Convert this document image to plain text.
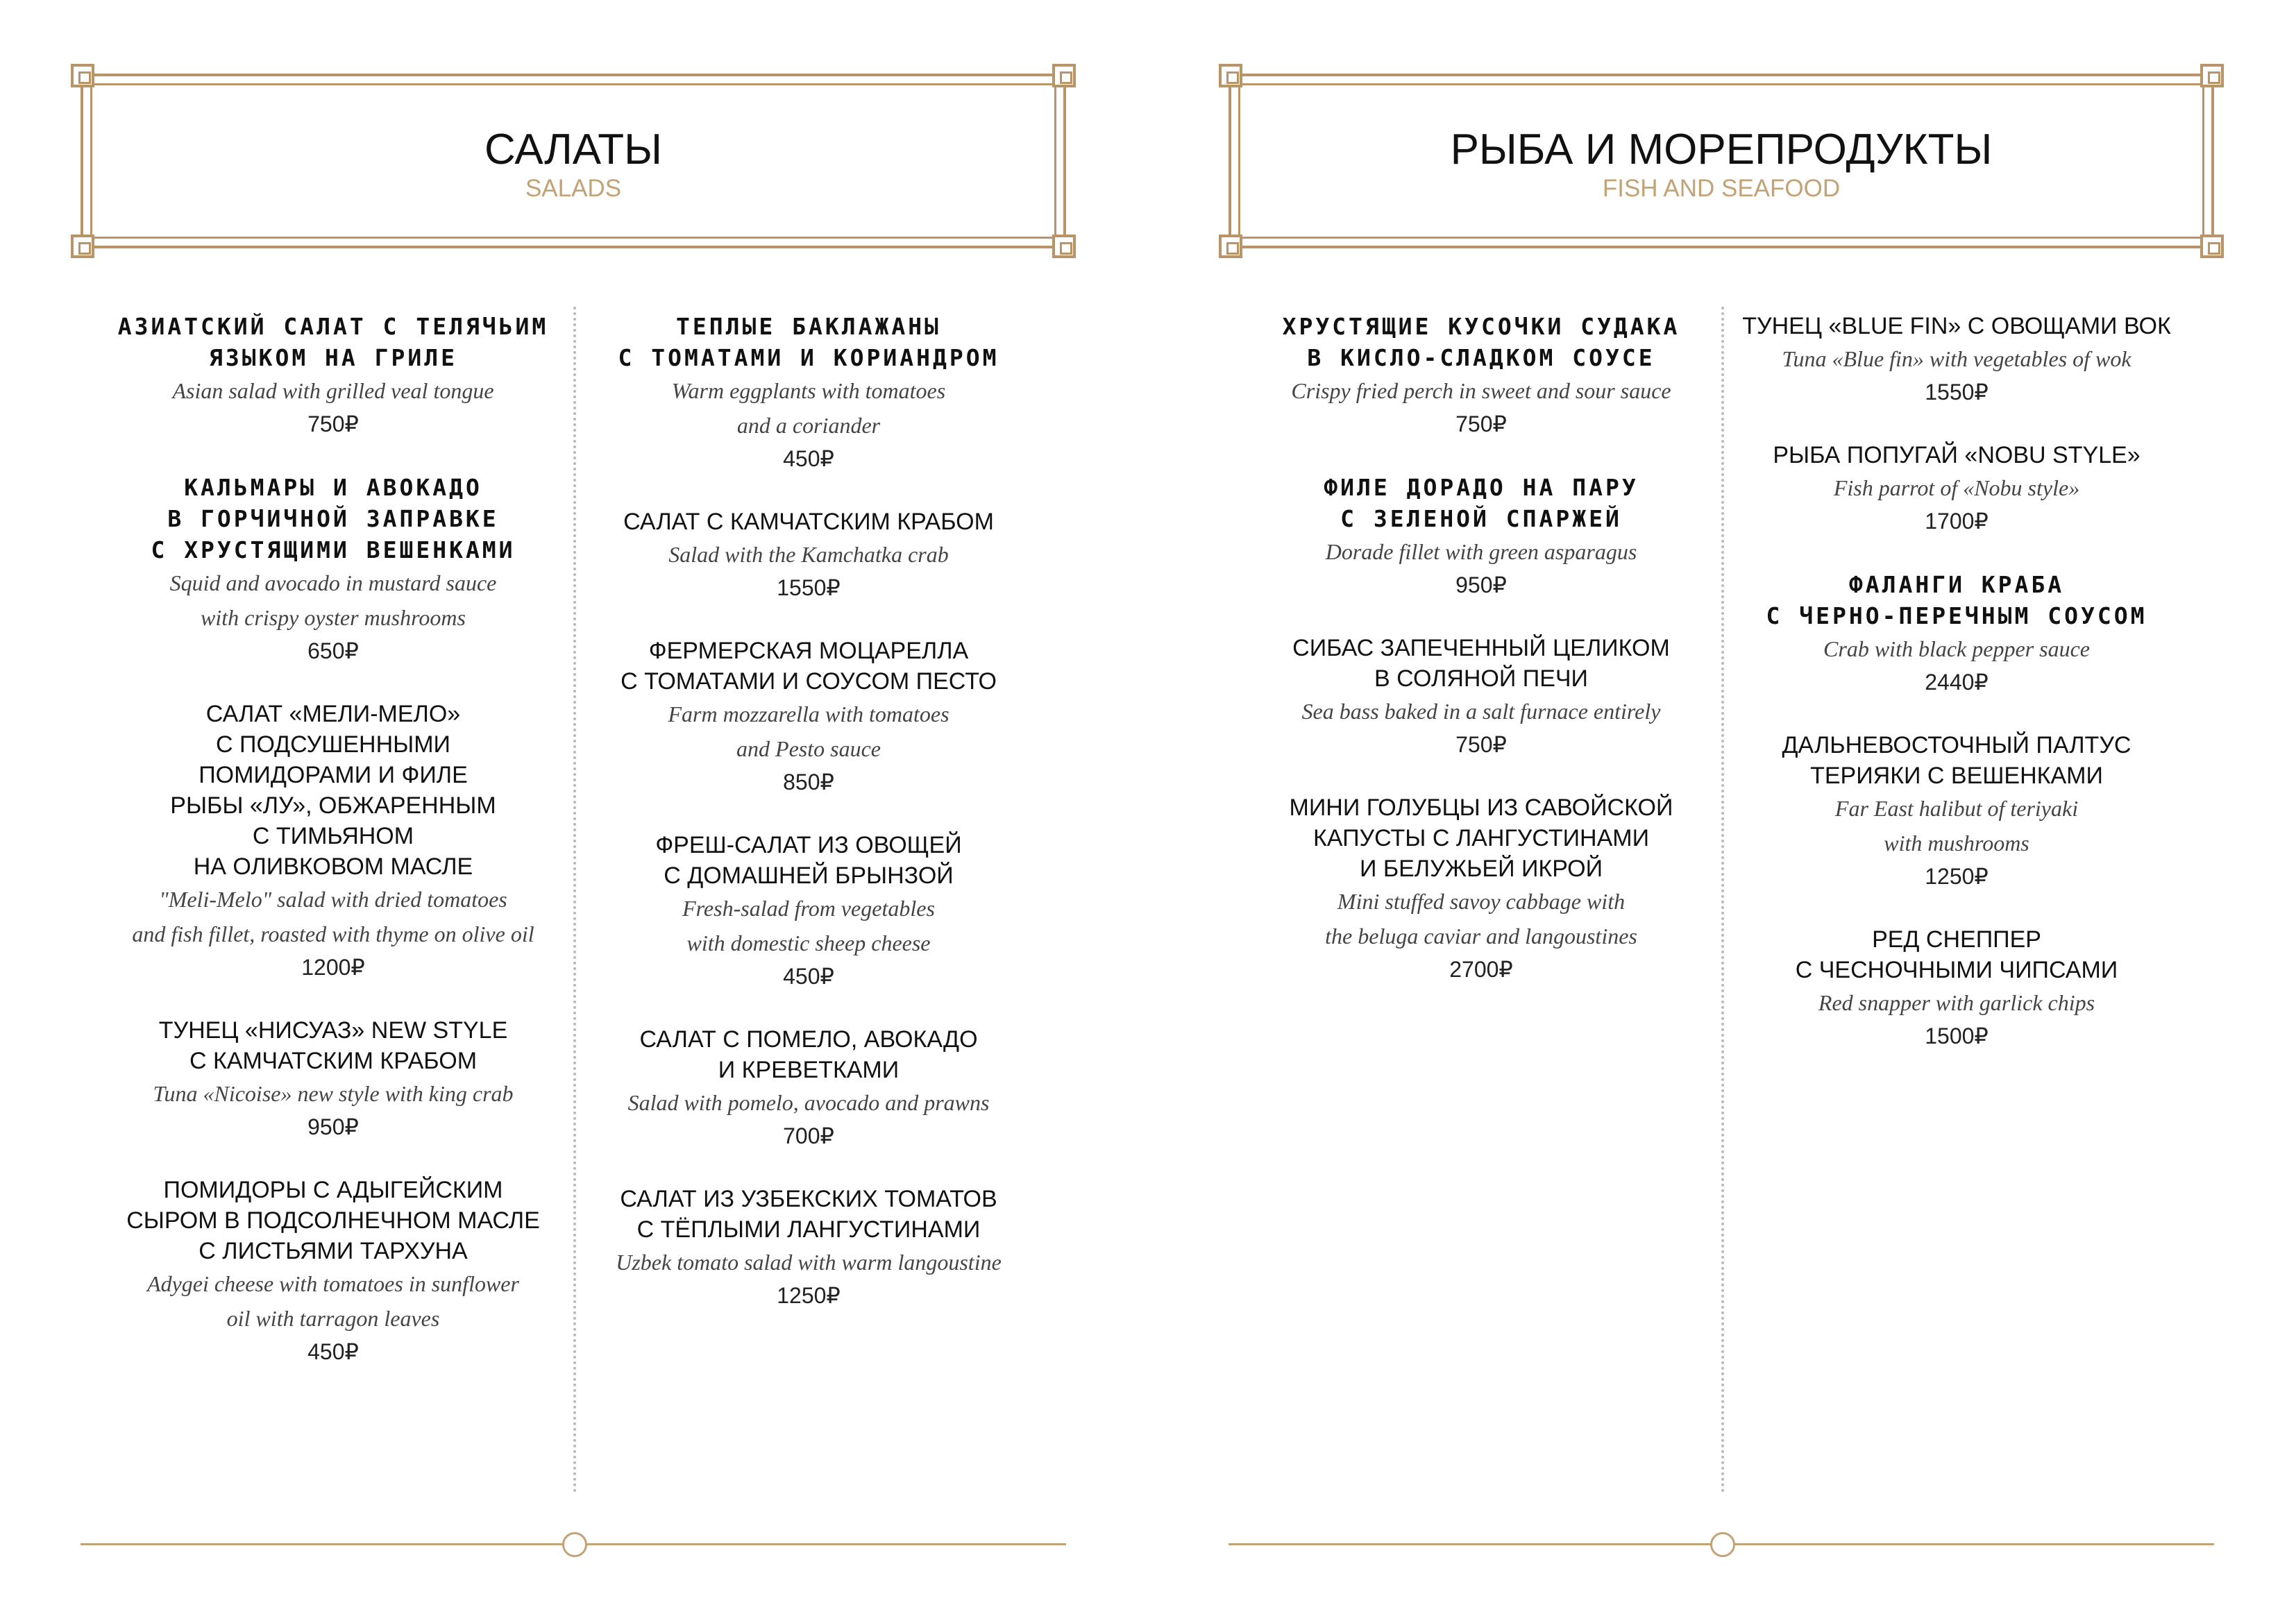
САЛАТЫ
SALADS
АЗИАТСКИЙ САЛАТ С ТЕЛЯЧЬИМ
ЯЗЫКОМ НА ГРИЛЕ
Asian salad with grilled veal tongue
750₽
КАЛЬМАРЫ И АВОКАДО
В ГОРЧИЧНОЙ ЗАПРАВКЕ
С ХРУСТЯЩИМИ ВЕШЕНКАМИ
Squid and avocado in mustard sauce
with crispy oyster mushrooms
650₽
САЛАТ «МЕЛИ-МЕЛО»
С ПОДСУШЕННЫМИ
ПОМИДОРАМИ И ФИЛЕ
РЫБЫ «ЛУ», ОБЖАРЕННЫМ
С ТИМЬЯНОМ
НА ОЛИВКОВОМ МАСЛЕ
"Meli-Melo" salad with dried tomatoes
and fish fillet, roasted with thyme on olive oil
1200₽
ТУНЕЦ «НИСУАЗ» NEW STYLE
С КАМЧАТСКИМ КРАБОМ
Tuna «Nicoise» new style with king crab
950₽
ПОМИДОРЫ С АДЫГЕЙСКИМ
СЫРОМ В ПОДСОЛНЕЧНОМ МАСЛЕ
С ЛИСТЬЯМИ ТАРХУНА
Adygei cheese with tomatoes in sunflower
oil with tarragon leaves
450₽
ТЕПЛЫЕ БАКЛАЖАНЫ
С ТОМАТАМИ И КОРИАНДРОМ
Warm eggplants with tomatoes
and a coriander
450₽
САЛАТ С КАМЧАТСКИМ КРАБОМ
Salad with the Kamchatka crab
1550₽
ФЕРМЕРСКАЯ МОЦАРЕЛЛА
С ТОМАТАМИ И СОУСОМ ПЕСТО
Farm mozzarella with tomatoes
and Pesto sauce
850₽
ФРЕШ-САЛАТ ИЗ ОВОЩЕЙ
С ДОМАШНЕЙ БРЫНЗОЙ
Fresh-salad from vegetables
with domestic sheep cheese
450₽
САЛАТ С ПОМЕЛО, АВОКАДО
И КРЕВЕТКАМИ
Salad with pomelo, avocado and prawns
700₽
САЛАТ ИЗ УЗБЕКСКИХ ТОМАТОВ
С ТЁПЛЫМИ ЛАНГУСТИНАМИ
Uzbek tomato salad with warm langoustine
1250₽
РЫБА И МОРЕПРОДУКТЫ
FISH AND SEAFOOD
ХРУСТЯЩИЕ КУСОЧКИ СУДАКА
В КИСЛО-СЛАДКОМ СОУСЕ
Crispy fried perch in sweet and sour sauce
750₽
ФИЛЕ ДОРАДО НА ПАРУ
С ЗЕЛЕНОЙ СПАРЖЕЙ
Dorade fillet with green asparagus
950₽
СИБАС ЗАПЕЧЕННЫЙ ЦЕЛИКОМ
В СОЛЯНОЙ ПЕЧИ
Sea bass baked in a salt furnace entirely
750₽
МИНИ ГОЛУБЦЫ ИЗ САВОЙСКОЙ
КАПУСТЫ С ЛАНГУСТИНАМИ
И БЕЛУЖЬЕЙ ИКРОЙ
Mini stuffed savoy cabbage with
the beluga caviar and langoustines
2700₽
ТУНЕЦ «BLUE FIN» С ОВОЩАМИ ВОК
Tuna «Blue fin» with vegetables of wok
1550₽
РЫБА ПОПУГАЙ «NOBU STYLE»
Fish parrot of «Nobu style»
1700₽
ФАЛАНГИ КРАБА
С ЧЕРНО-ПЕРЕЧНЫМ СОУСОМ
Crab with black pepper sauce
2440₽
ДАЛЬНЕВОСТОЧНЫЙ ПАЛТУС
ТЕРИЯКИ С ВЕШЕНКАМИ
Far East halibut of teriyaki
with mushrooms
1250₽
РЕД СНЕППЕР
С ЧЕСНОЧНЫМИ ЧИПСАМИ
Red snapper with garlick chips
1500₽
